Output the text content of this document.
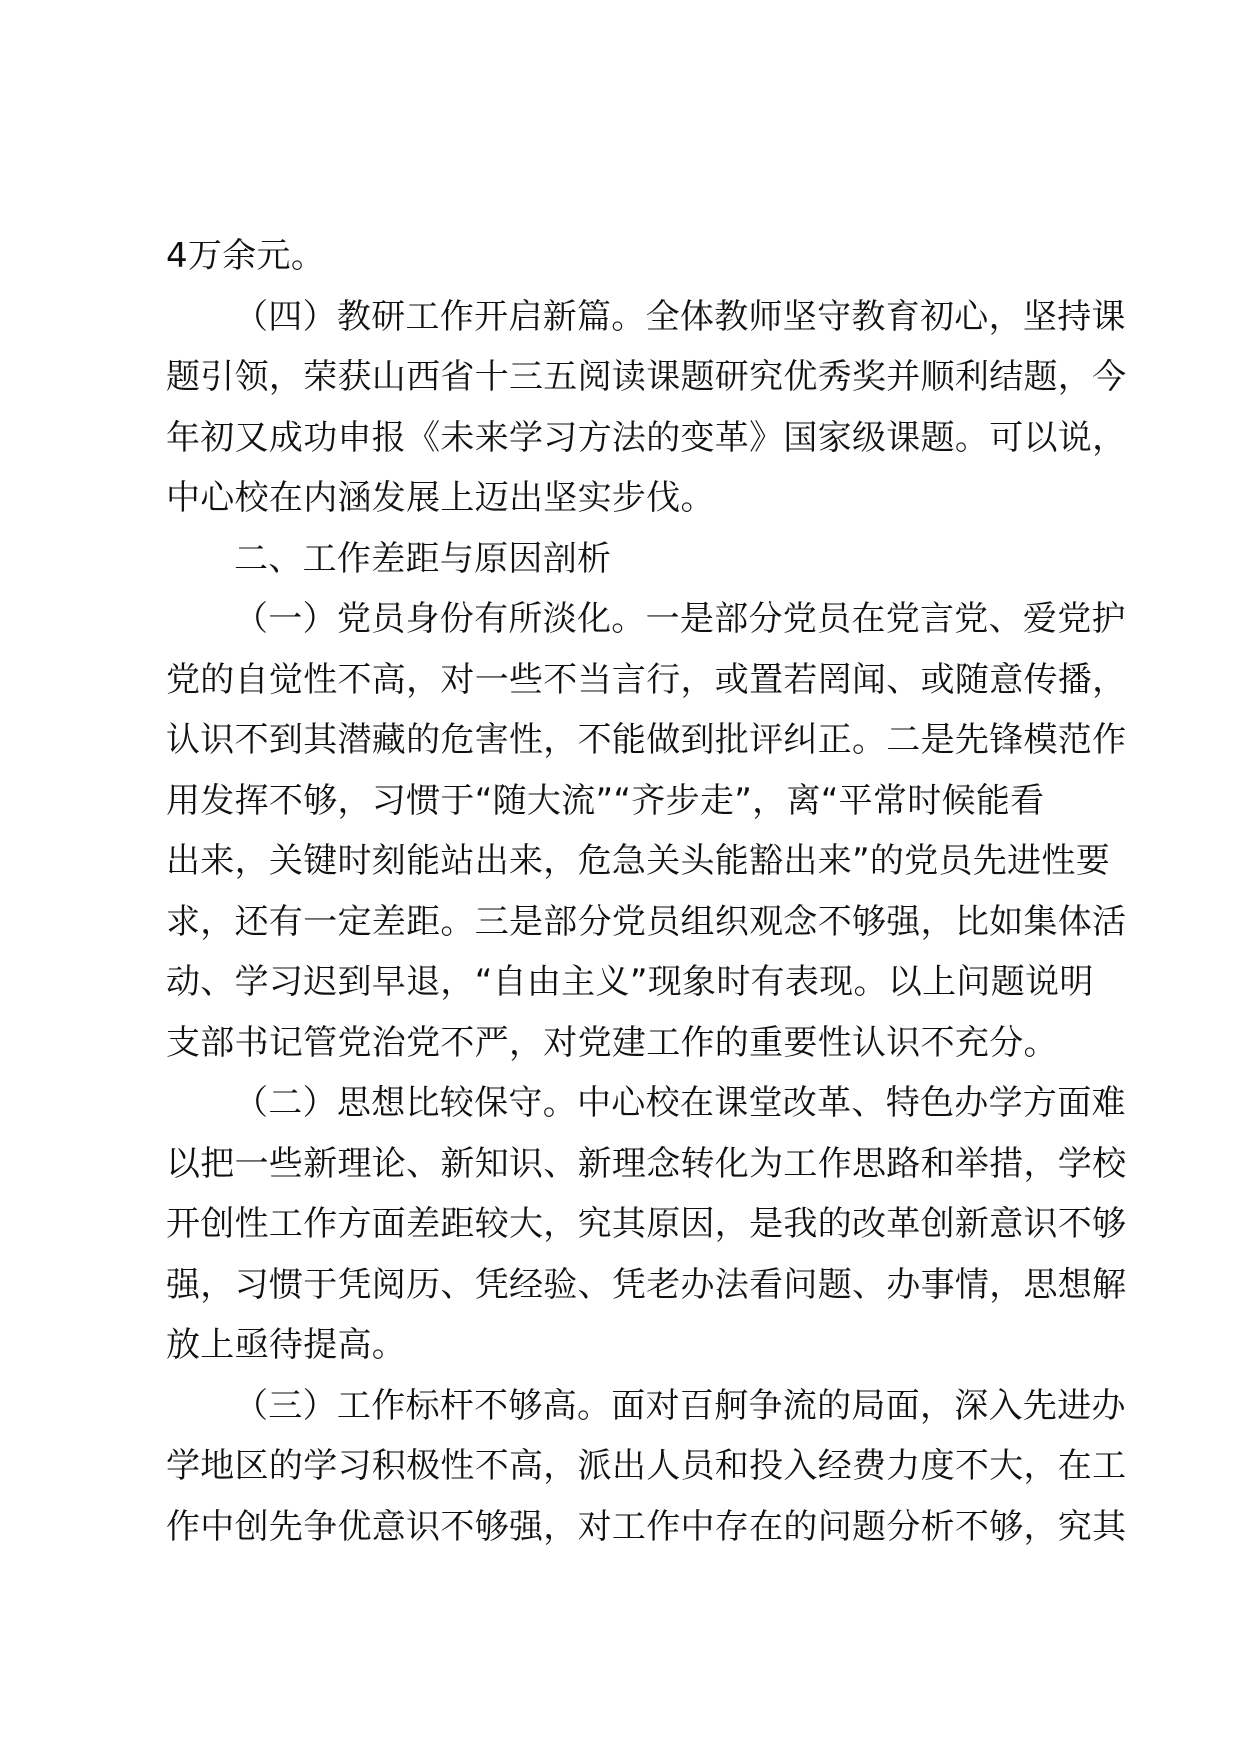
4万余元。
（四）教研工作开启新篇。全体教师坚守教育初心，坚持课
题引领，荣获山西省十三五阅读课题研究优秀奖并顺利结题，今
年初又成功申报《未来学习方法的变革》国家级课题。可以说，
中心校在内涵发展上迈出坚实步伐。
二、工作差距与原因剖析
（一）党员身份有所淡化。一是部分党员在党言党、爱党护
党的自觉性不高，对一些不当言行，或置若罔闻、或随意传播，
认识不到其潜藏的危害性，不能做到批评纠正。二是先锋模范作
用发挥不够，习惯于“随大流”“齐步走”，离“平常时候能看
出来，关键时刻能站出来，危急关头能豁出来”的党员先进性要
求，还有一定差距。三是部分党员组织观念不够强，比如集体活
动、学习迟到早退，“自由主义”现象时有表现。以上问题说明
支部书记管党治党不严，对党建工作的重要性认识不充分。
（二）思想比较保守。中心校在课堂改革、特色办学方面难
以把一些新理论、新知识、新理念转化为工作思路和举措，学校
开创性工作方面差距较大，究其原因，是我的改革创新意识不够
强，习惯于凭阅历、凭经验、凭老办法看问题、办事情，思想解
放上亟待提高。
（三）工作标杆不够高。面对百舸争流的局面，深入先进办
学地区的学习积极性不高，派出人员和投入经费力度不大，在工
作中创先争优意识不够强，对工作中存在的问题分析不够，究其
